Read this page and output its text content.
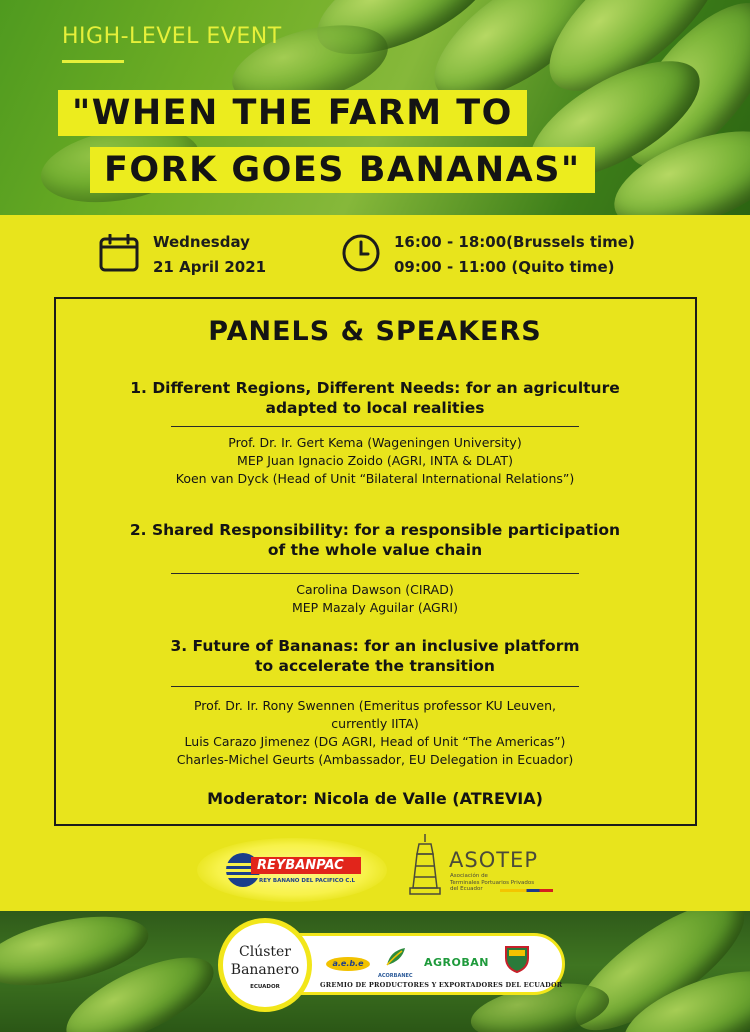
HIGH-LEVEL EVENT
"WHEN THE FARM TO
FORK GOES BANANAS"
Wednesday
21 April 2021
16:00 - 18:00(Brussels time)
09:00 - 11:00 (Quito time)
PANELS & SPEAKERS
1. Different Regions, Different Needs: for an agriculture
adapted to local realities
Prof. Dr. Ir. Gert Kema (Wageningen University)
MEP Juan Ignacio Zoido (AGRI, INTA & DLAT)
Koen van Dyck (Head of Unit “Bilateral International Relations”)
2. Shared Responsibility: for a responsible participation
of the whole value chain
Carolina Dawson (CIRAD)
MEP Mazaly Aguilar (AGRI)
3. Future of Bananas: for an inclusive platform
to accelerate the transition
Prof. Dr. Ir. Rony Swennen (Emeritus professor KU Leuven,
currently IITA)
Luis Carazo Jimenez (DG AGRI, Head of Unit “The Americas”)
Charles-Michel Geurts (Ambassador, EU Delegation in Ecuador)
Moderator: Nicola de Valle (ATREVIA)
REYBANPAC
REY BANANO DEL PACIFICO C.L
ASOTEP
Asociación de
Terminales Portuarios Privados
del Ecuador
Clúster
Bananero
ECUADOR
a.e.b.e
ACORBANEC
AGROBAN
GREMIO DE PRODUCTORES Y EXPORTADORES DEL ECUADOR
